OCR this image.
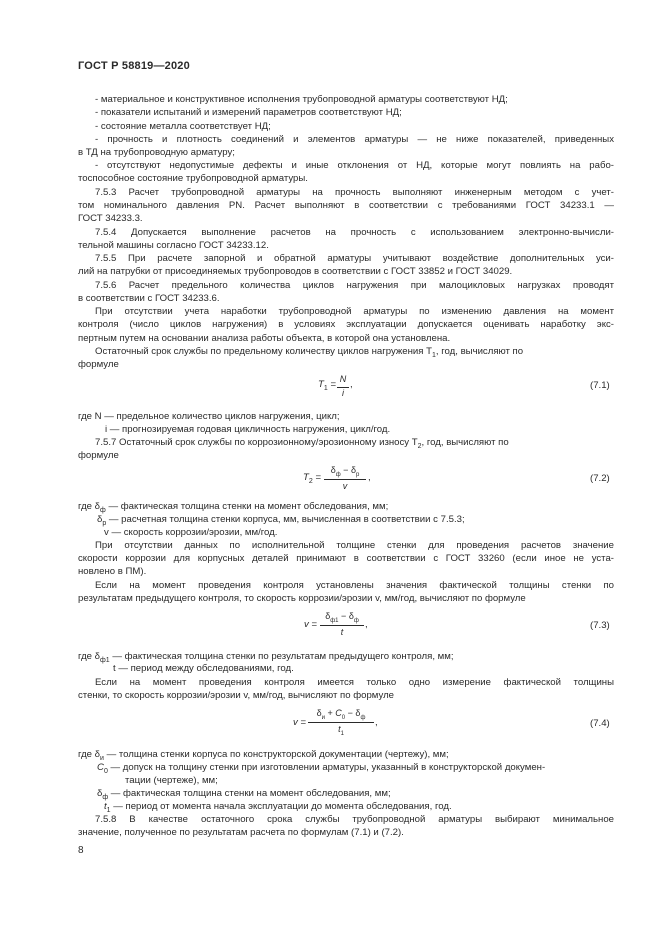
ГОСТ Р 58819—2020
- материальное и конструктивное исполнения трубопроводной арматуры соответствуют НД;
- показатели испытаний и измерений параметров соответствуют НД;
- состояние металла соответствует НД;
- прочность и плотность соединений и элементов арматуры — не ниже показателей, приведенных
в ТД на трубопроводную арматуру;
- отсутствуют недопустимые дефекты и иные отклонения от НД, которые могут повлиять на рабо-
тоспособное состояние трубопроводной арматуры.
7.5.3 Расчет трубопроводной арматуры на прочность выполняют инженерным методом с учет-
том номинального давления PN. Расчет выполняют в соответствии с требованиями ГОСТ 34233.1 —
ГОСТ 34233.3.
7.5.4 Допускается выполнение расчетов на прочность с использованием электронно-вычисли-
тельной машины согласно ГОСТ 34233.12.
7.5.5 При расчете запорной и обратной арматуры учитывают воздействие дополнительных уси-
лий на патрубки от присоединяемых трубопроводов в соответствии с ГОСТ 33852 и ГОСТ 34029.
7.5.6 Расчет предельного количества циклов нагружения при малоцикловых нагрузках проводят
в соответствии с ГОСТ 34233.6.
При отсутствии учета наработки трубопроводной арматуры по изменению давления на момент
контроля (число циклов нагружения) в условиях эксплуатации допускается оценивать наработку экс-
пертным путем на основании анализа работы объекта, в которой она установлена.
Остаточный срок службы по предельному количеству циклов нагружения $T_1$, год, вычисляют по
формуле
$T_1 = N$
i
,	(7.1)
где N — предельное количество циклов нагружения, цикл;
i — прогнозируемая годовая цикличность нагружения, цикл/год.
7.5.7 Остаточный срок службы по коррозионному/эрозионному износу $T_2$, год, вычисляют по
формуле
$T_2$ =
$\delta_ф - \delta_р$
v
,	(7.2)
где $\delta_ф$ — фактическая толщина стенки на момент обследования, мм;
$\delta_р$ — расчетная толщина стенки корпуса, мм, вычисленная в соответствии с 7.5.3;
v — скорость коррозии/эрозии, мм/год.
При отсутствии данных по исполнительной толщине стенки для проведения расчетов значение
скорости коррозии для корпусных деталей принимают в соответствии с ГОСТ 33260 (если иное не уста-
новлено в ПМ).
Если на момент проведения контроля установлены значения фактической толщины стенки по
результатам предыдущего контроля, то скорость коррозии/эрозии v, мм/год, вычисляют по формуле
v =
$\delta_{ф1} - \delta_ф$
t
,	(7.3)
где $\delta_{ф1}$ — фактическая толщина стенки по результатам предыдущего контроля, мм;
t — период между обследованиями, год.
Если на момент проведения контроля имеется только одно измерение фактической толщины
стенки, то скорость коррозии/эрозии v, мм/год, вычисляют по формуле
v =
$\delta_и + C_0 - \delta_ф$
$t_1$
,	(7.4)
где $\delta_и$ — толщина стенки корпуса по конструкторской документации (чертежу), мм;
$C_0$ — допуск на толщину стенки при изготовлении арматуры, указанный в конструкторской докумен-
тации (чертеже), мм;
$\delta_ф$ — фактическая толщина стенки на момент обследования, мм;
$t_1$ — период от момента начала эксплуатации до момента обследования, год.
7.5.8 В качестве остаточного срока службы трубопроводной арматуры выбирают минимальное
значение, полученное по результатам расчета по формулам (7.1) и (7.2).
8
